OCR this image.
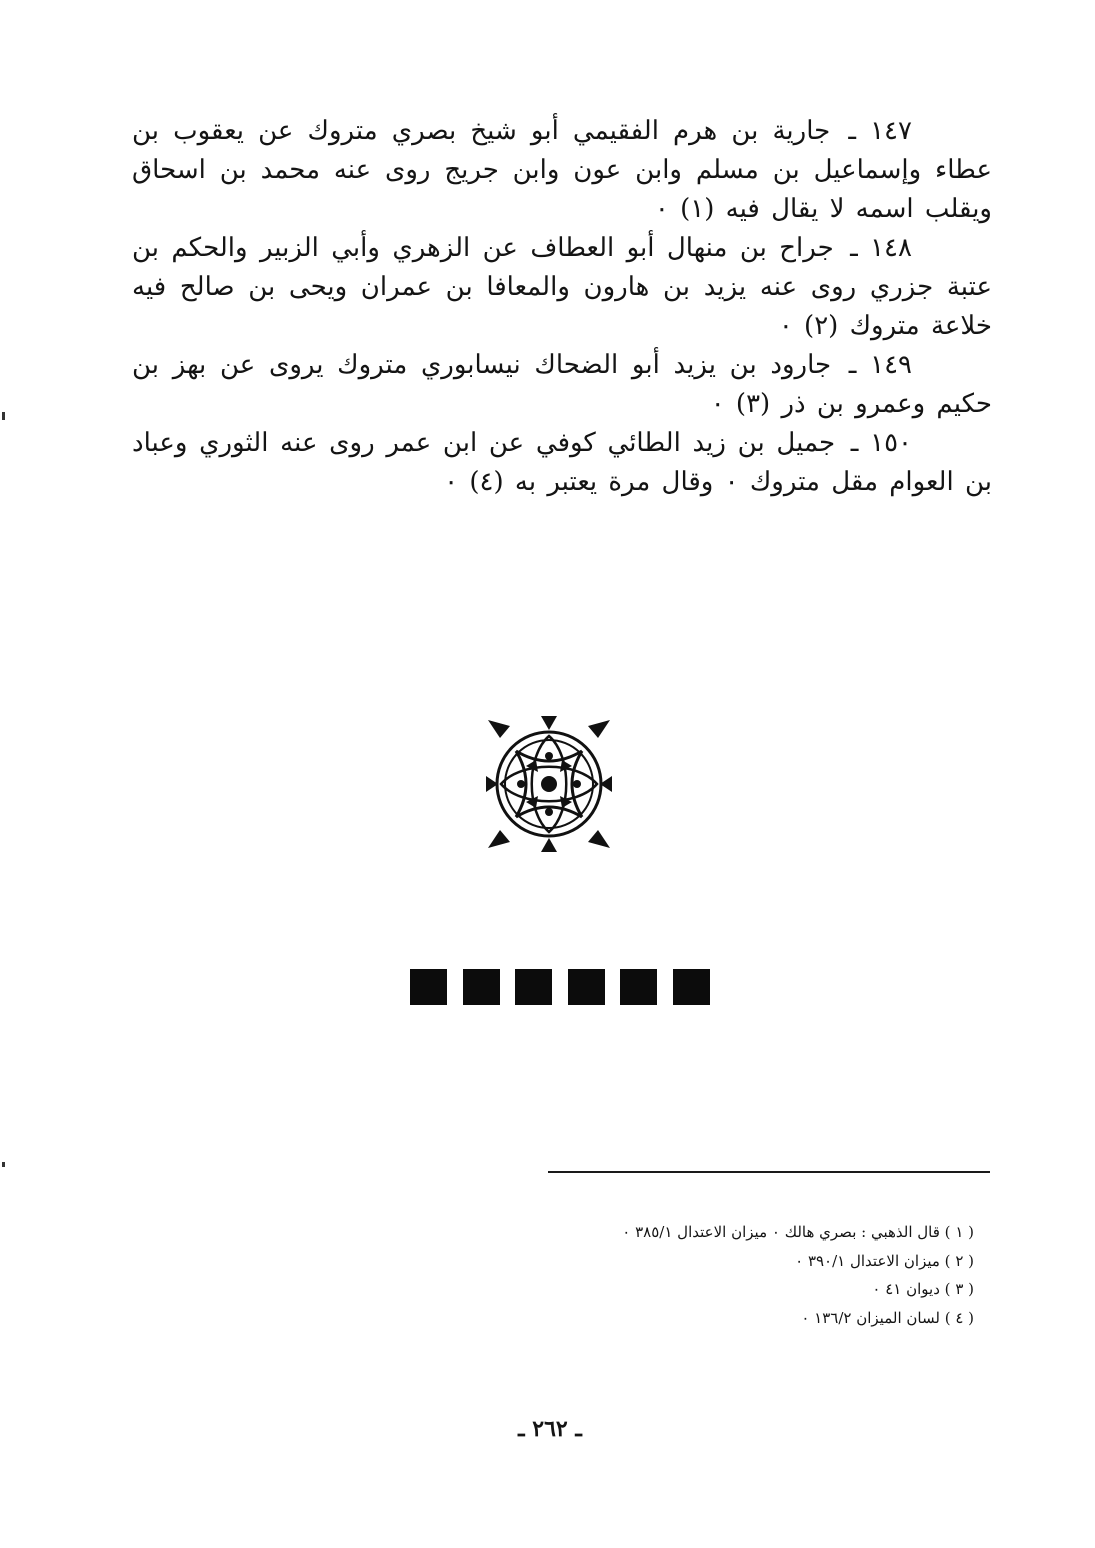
١٤٧ ـ جارية بن هرم الفقيمي أبو شيخ بصري متروك عن يعقوب بن عطاء وإسماعيل بن مسلم وابن عون وابن جريج روى عنه محمد بن اسحاق ويقلب اسمه لا يقال فيه (١) ٠

١٤٨ ـ جراح بن منهال أبو العطاف عن الزهري وأبي الزبير والحكم بن عتبة جزري روى عنه يزيد بن هارون والمعافا بن عمران ويحى بن صالح فيه خلاعة متروك (٢) ٠

١٤٩ ـ جارود بن يزيد أبو الضحاك نيسابوري متروك يروى عن بهز بن حكيم وعمرو بن ذر (٣) ٠

١٥٠ ـ جميل بن زيد الطائي كوفي عن ابن عمر روى عنه الثوري وعباد بن العوام مقل متروك ٠ وقال مرة يعتبر به (٤) ٠

( ١ ) قال الذهبي : بصري هالك ٠ ميزان الاعتدال ٣٨٥/١ ٠

( ٢ ) ميزان الاعتدال ٣٩٠/١ ٠

( ٣ ) ديوان ٤١ ٠

( ٤ ) لسان الميزان ١٣٦/٢ ٠

ـ ٢٦٢ ـ
